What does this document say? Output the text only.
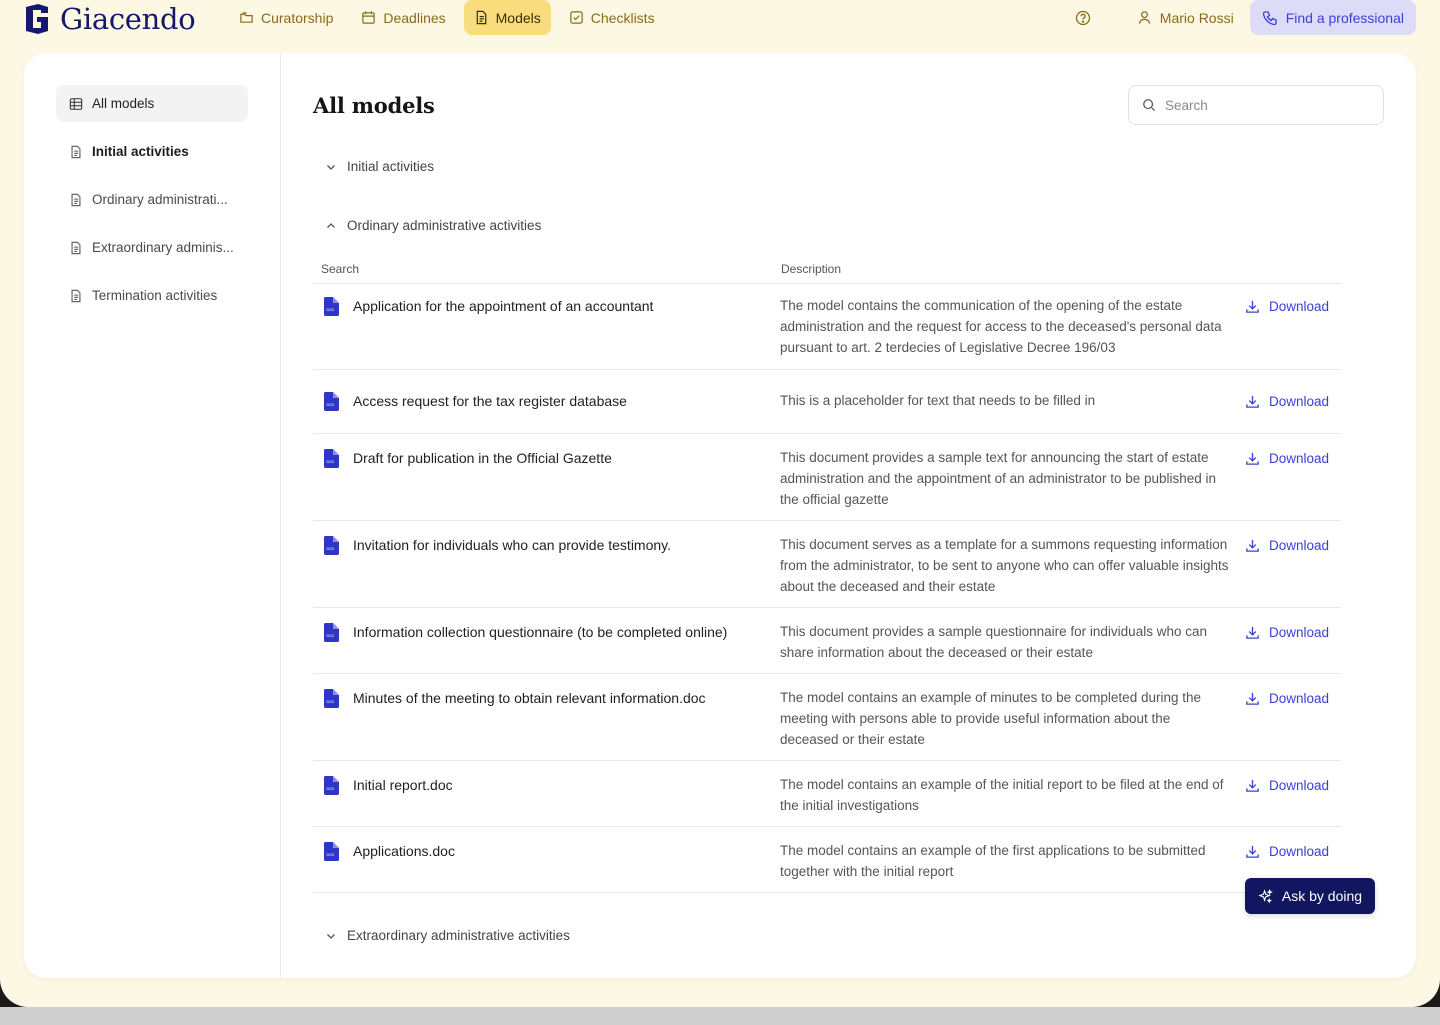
Giacendo	Curatorship	Deadlines	Models	Checklists	Mario Rossi	Find a professional
All models
Initial activities
Ordinary administrati...
Extraordinary adminis...
Termination activities
All models
Search
Initial activities
Ordinary administrative activities
Search	Description
DOC Application for the appointment of an accountant	The model contains the communication of the opening of the estate administration and the request for access to the deceased's personal data pursuant to art. 2 terdecies of Legislative Decree 196/03
Download
DOC Access request for the tax register database	This is a placeholder for text that needs to be filled in	Download
DOC Draft for publication in the Official Gazette	This document provides a sample text for announcing the start of estate administration and the appointment of an administrator to be published in the official gazette
Download
DOC Invitation for individuals who can provide testimony.	This document serves as a template for a summons requesting information from the administrator, to be sent to anyone who can offer valuable insights about the deceased and their estate
Download
DOC Information collection questionnaire (to be completed online)	This document provides a sample questionnaire for individuals who can share information about the deceased or their estate
Download
DOC Minutes of the meeting to obtain relevant information.doc	The model contains an example of minutes to be completed during the meeting with persons able to provide useful information about the deceased or their estate
Download
DOC Initial report.doc	The model contains an example of the initial report to be filed at the end of the initial investigations
Download
DOC Applications.doc	The model contains an example of the first applications to be submitted together with the initial report
Download
Extraordinary administrative activities
Ask by doing
